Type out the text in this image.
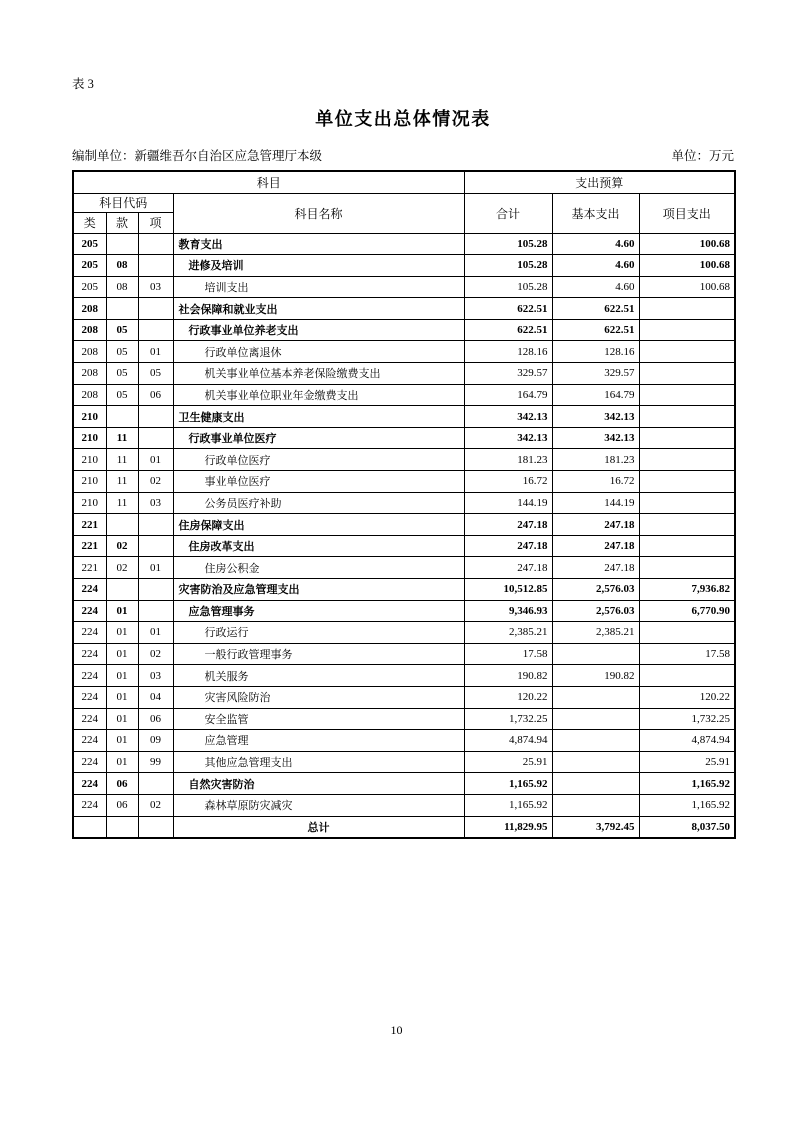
表 3
单位支出总体情况表
编制单位：新疆维吾尔自治区应急管理厅本级	单位：万元
科目				支出预算		
科目代码			科目名称	合计	基本支出	项目支出
类	款	项				
205			教育支出	105.28	4.60	100.68
205	08		进修及培训	105.28	4.60	100.68
205	08	03	培训支出	105.28	4.60	100.68
208			社会保障和就业支出	622.51	622.51	
208	05		行政事业单位养老支出	622.51	622.51	
208	05	01	行政单位离退休	128.16	128.16	
208	05	05	机关事业单位基本养老保险缴费支出	329.57	329.57	
208	05	06	机关事业单位职业年金缴费支出	164.79	164.79	
210			卫生健康支出	342.13	342.13	
210	11		行政事业单位医疗	342.13	342.13	
210	11	01	行政单位医疗	181.23	181.23	
210	11	02	事业单位医疗	16.72	16.72	
210	11	03	公务员医疗补助	144.19	144.19	
221			住房保障支出	247.18	247.18	
221	02		住房改革支出	247.18	247.18	
221	02	01	住房公积金	247.18	247.18	
224			灾害防治及应急管理支出	10,512.85	2,576.03	7,936.82
224	01		应急管理事务	9,346.93	2,576.03	6,770.90
224	01	01	行政运行	2,385.21	2,385.21	
224	01	02	一般行政管理事务	17.58		17.58
224	01	03	机关服务	190.82	190.82	
224	01	04	灾害风险防治	120.22		120.22
224	01	06	安全监管	1,732.25		1,732.25
224	01	09	应急管理	4,874.94		4,874.94
224	01	99	其他应急管理支出	25.91		25.91
224	06		自然灾害防治	1,165.92		1,165.92
224	06	02	森林草原防灾减灾	1,165.92		1,165.92
			总计	11,829.95	3,792.45	8,037.50
10
